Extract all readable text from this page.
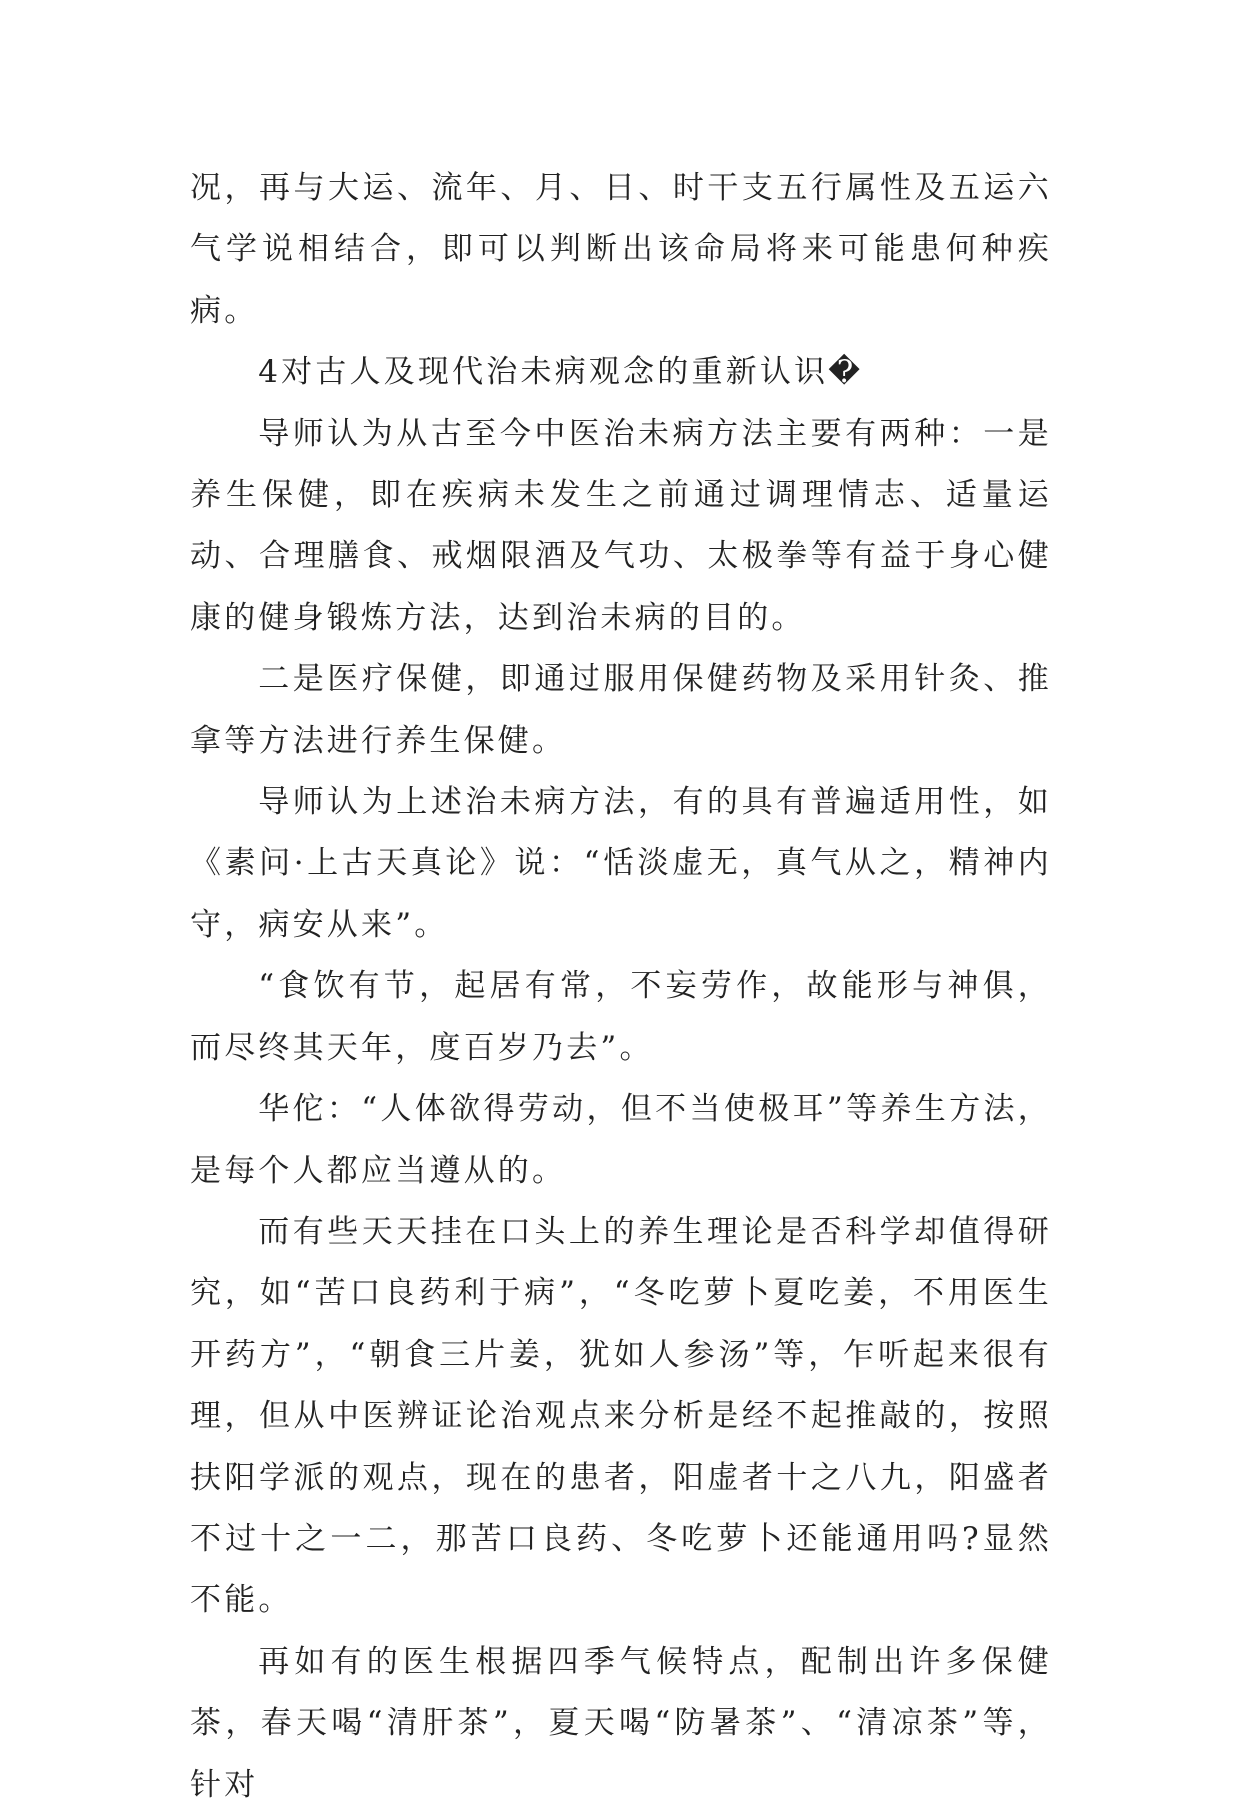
况，再与大运、流年、月、日、时干支五行属性及五运六气学说相结合，即可以判断出该命局将来可能患何种疾病。

4对古人及现代治未病观念的重新认识�

导师认为从古至今中医治未病方法主要有两种：一是养生保健，即在疾病未发生之前通过调理情志、适量运动、合理膳食、戒烟限酒及气功、太极拳等有益于身心健康的健身锻炼方法，达到治未病的目的。

二是医疗保健，即通过服用保健药物及采用针灸、推拿等方法进行养生保健。

导师认为上述治未病方法，有的具有普遍适用性，如《素问·上古天真论》说：“恬淡虚无，真气从之，精神内守，病安从来”。

“食饮有节，起居有常，不妄劳作，故能形与神俱，而尽终其天年，度百岁乃去”。

华佗：“人体欲得劳动，但不当使极耳”等养生方法，是每个人都应当遵从的。

而有些天天挂在口头上的养生理论是否科学却值得研究，如“苦口良药利于病”，“冬吃萝卜夏吃姜，不用医生开药方”，“朝食三片姜，犹如人参汤”等，乍听起来很有理，但从中医辨证论治观点来分析是经不起推敲的，按照扶阳学派的观点，现在的患者，阳虚者十之八九，阳盛者不过十之一二，那苦口良药、冬吃萝卜还能通用吗?显然不能。

再如有的医生根据四季气候特点，配制出许多保健茶，春天喝“清肝茶”，夏天喝“防暑茶”、“清凉茶”等，针对
